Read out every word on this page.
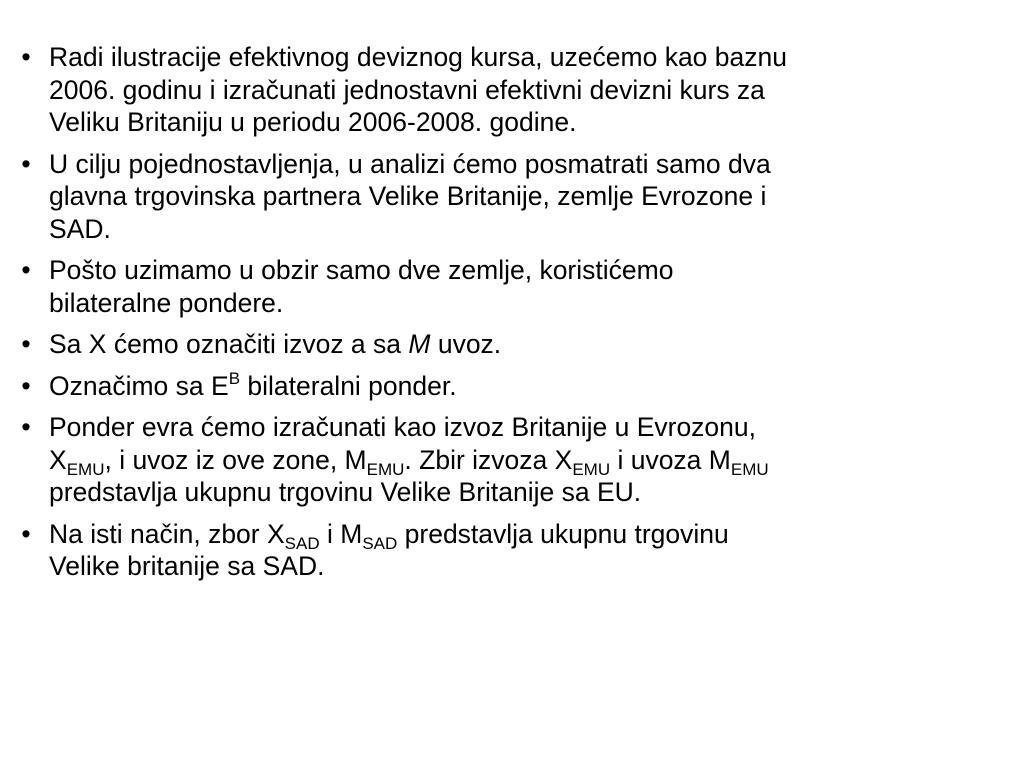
• Radi ilustracije efektivnog deviznog kursa, uzećemo kao baznu
2006. godinu i izračunati jednostavni efektivni devizni kurs za
Veliku Britaniju u periodu 2006-2008. godine.
• U cilju pojednostavljenja, u analizi ćemo posmatrati samo dva
glavna trgovinska partnera Velike Britanije, zemlje Evrozone i
SAD.
• Pošto uzimamo u obzir samo dve zemlje, koristićemo
bilateralne pondere.
• Sa X ćemo označiti izvoz a sa M uvoz.
• Označimo sa $E^B$ bilateralni ponder.
• Ponder evra ćemo izračunati kao izvoz Britanije u Evrozonu,
$X_{EMU}$, i uvoz iz ove zone, $M_{EMU}$. Zbir izvoza $X_{EMU}$ i uvoza $M_{EMU}$
predstavlja ukupnu trgovinu Velike Britanije sa EU.
• Na isti način, zbor $X_{SAD}$ i $M_{SAD}$ predstavlja ukupnu trgovinu
Velike britanije sa SAD.
